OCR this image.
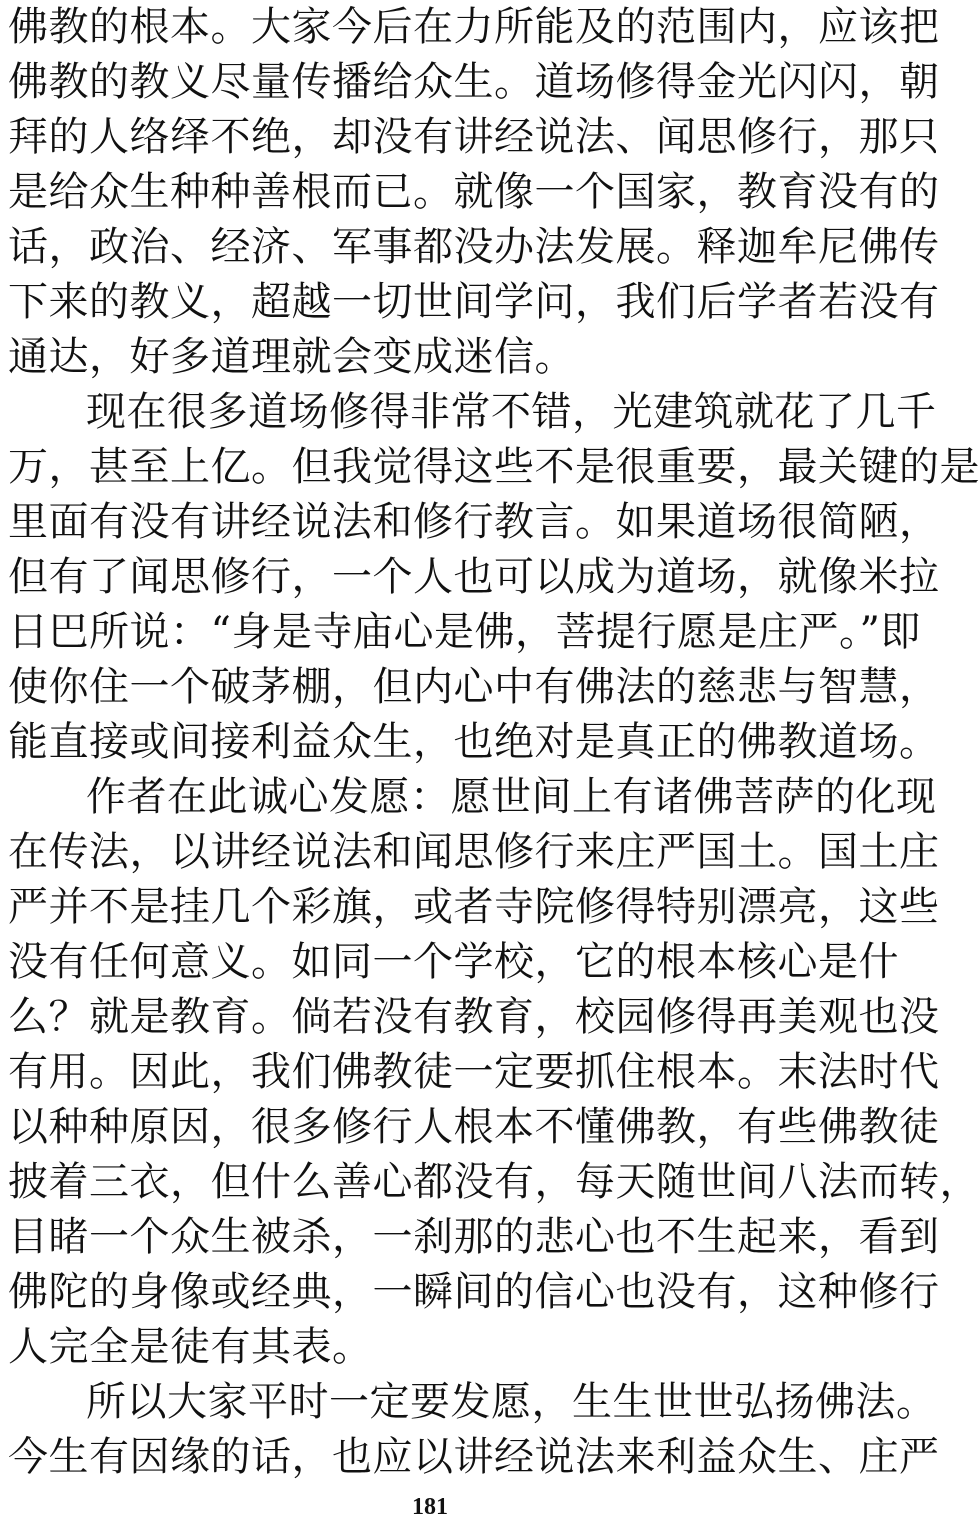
佛教的根本。大家今后在力所能及的范围内，应该把
佛教的教义尽量传播给众生。道场修得金光闪闪，朝
拜的人络绎不绝，却没有讲经说法、闻思修行，那只
是给众生种种善根而已。就像一个国家，教育没有的
话，政治、经济、军事都没办法发展。释迦牟尼佛传
下来的教义，超越一切世间学问，我们后学者若没有
通达，好多道理就会变成迷信。
现在很多道场修得非常不错，光建筑就花了几千
万，甚至上亿。但我觉得这些不是很重要，最关键的是
里面有没有讲经说法和修行教言。如果道场很简陋，
但有了闻思修行，一个人也可以成为道场，就像米拉
日巴所说：“身是寺庙心是佛，菩提行愿是庄严。”即
使你住一个破茅棚，但内心中有佛法的慈悲与智慧，
能直接或间接利益众生，也绝对是真正的佛教道场。
作者在此诚心发愿：愿世间上有诸佛菩萨的化现
在传法，以讲经说法和闻思修行来庄严国土。国土庄
严并不是挂几个彩旗，或者寺院修得特别漂亮，这些
没有任何意义。如同一个学校，它的根本核心是什
么？就是教育。倘若没有教育，校园修得再美观也没
有用。因此，我们佛教徒一定要抓住根本。末法时代
以种种原因，很多修行人根本不懂佛教，有些佛教徒
披着三衣，但什么善心都没有，每天随世间八法而转，
目睹一个众生被杀，一刹那的悲心也不生起来，看到
佛陀的身像或经典，一瞬间的信心也没有，这种修行
人完全是徒有其表。
所以大家平时一定要发愿，生生世世弘扬佛法。
今生有因缘的话，也应以讲经说法来利益众生、庄严
181
